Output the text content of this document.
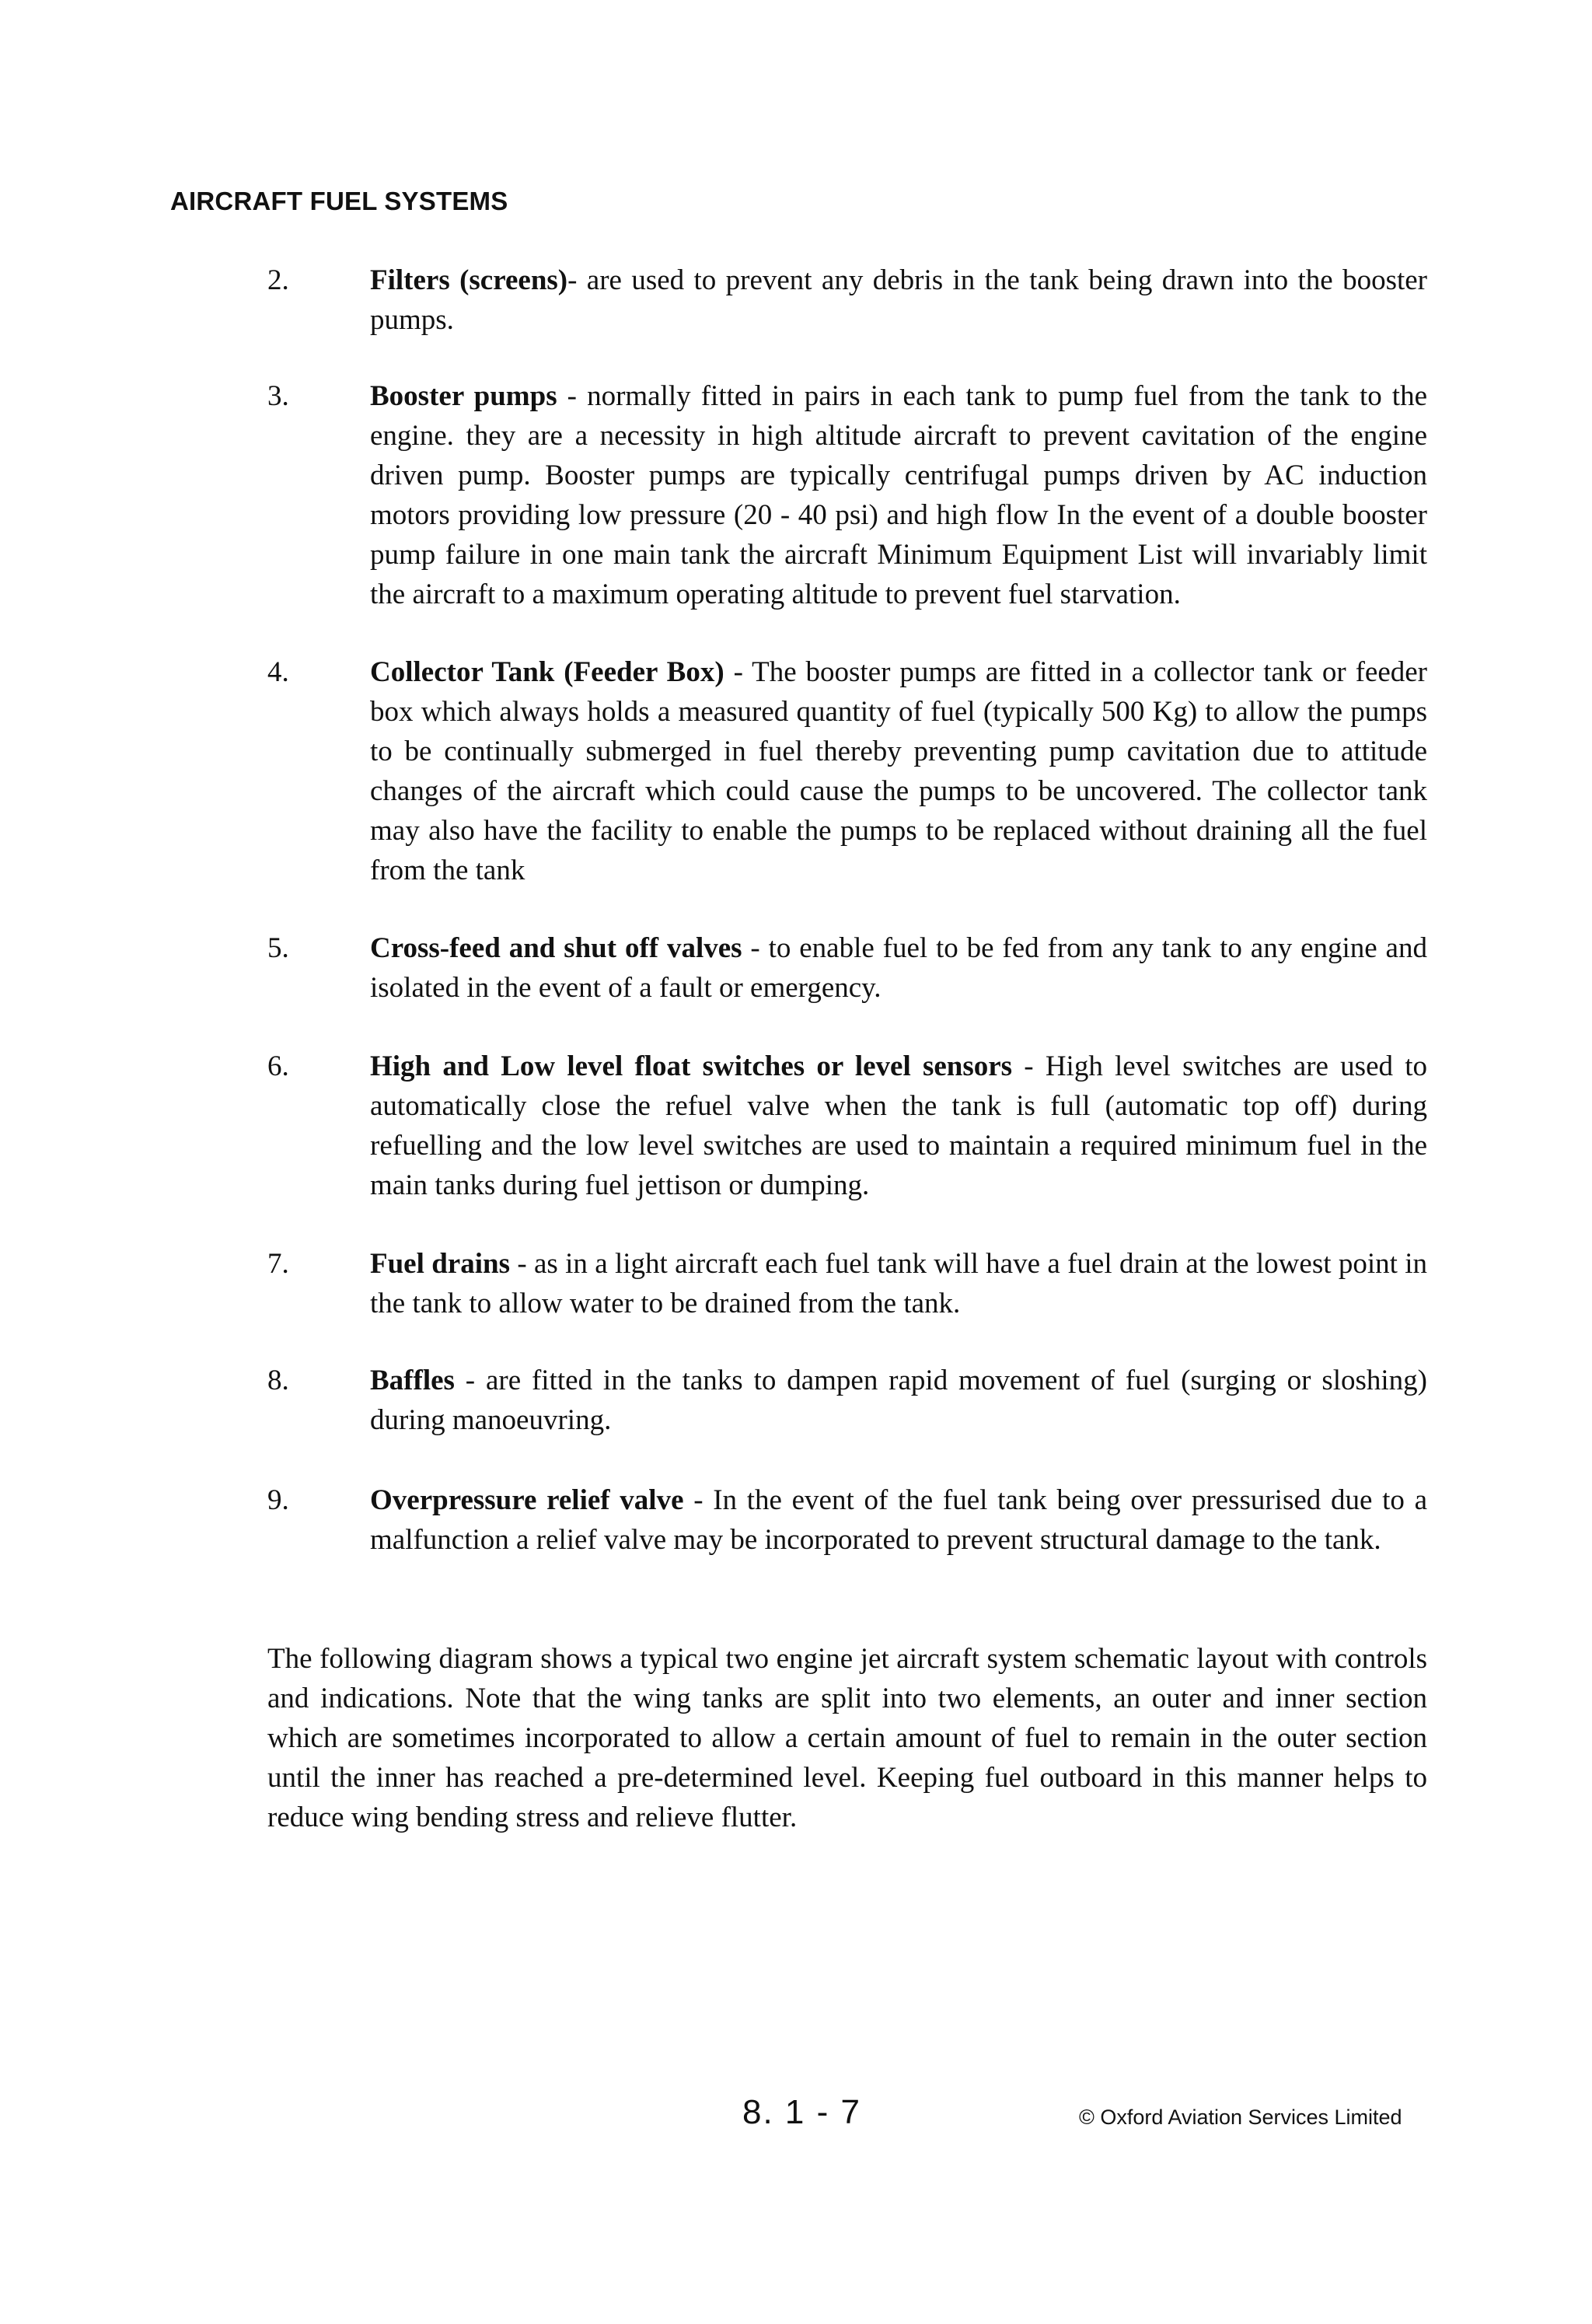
AIRCRAFT FUEL SYSTEMS
2.	Filters (screens)- are used to prevent any debris in the tank being drawn into the booster pumps.
3.	Booster pumps - normally fitted in pairs in each tank to pump fuel from the tank to the engine. they are a necessity in high altitude aircraft to prevent cavitation of the engine driven pump. Booster pumps are typically centrifugal pumps driven by AC induction motors providing low pressure (20 - 40 psi) and high flow In the event of a double booster pump failure in one main tank the aircraft Minimum Equipment List will invariably limit the aircraft to a maximum operating altitude to prevent fuel starvation.
4.	Collector Tank (Feeder Box) - The booster pumps are fitted in a collector tank or feeder box which always holds a measured quantity of fuel (typically 500 Kg) to allow the pumps to be continually submerged in fuel thereby preventing pump cavitation due to attitude changes of the aircraft which could cause the pumps to be uncovered. The collector tank may also have the facility to enable the pumps to be replaced without draining all the fuel from the tank
5.	Cross-feed and shut off valves - to enable fuel to be fed from any tank to any engine and isolated in the event of a fault or emergency.
6.	High and Low level float switches or level sensors - High level switches are used to automatically close the refuel valve when the tank is full (automatic top off) during refuelling and the low level switches are used to maintain a required minimum fuel in the main tanks during fuel jettison or dumping.
7.	Fuel drains - as in a light aircraft each fuel tank will have a fuel drain at the lowest point in the tank to allow water to be drained from the tank.
8.	Baffles - are fitted in the tanks to dampen rapid movement of fuel (surging or sloshing) during manoeuvring.
9.	Overpressure relief valve - In the event of the fuel tank being over pressurised due to a malfunction a relief valve may be incorporated to prevent structural damage to the tank.
The following diagram shows a typical two engine jet aircraft system schematic layout with controls and indications. Note that the wing tanks are split into two elements, an outer and inner section which are sometimes incorporated to allow a certain amount of fuel to remain in the outer section until the inner has reached a pre-determined level. Keeping fuel outboard in this manner helps to reduce wing bending stress and relieve flutter.
8. 1 - 7	© Oxford Aviation Services Limited
